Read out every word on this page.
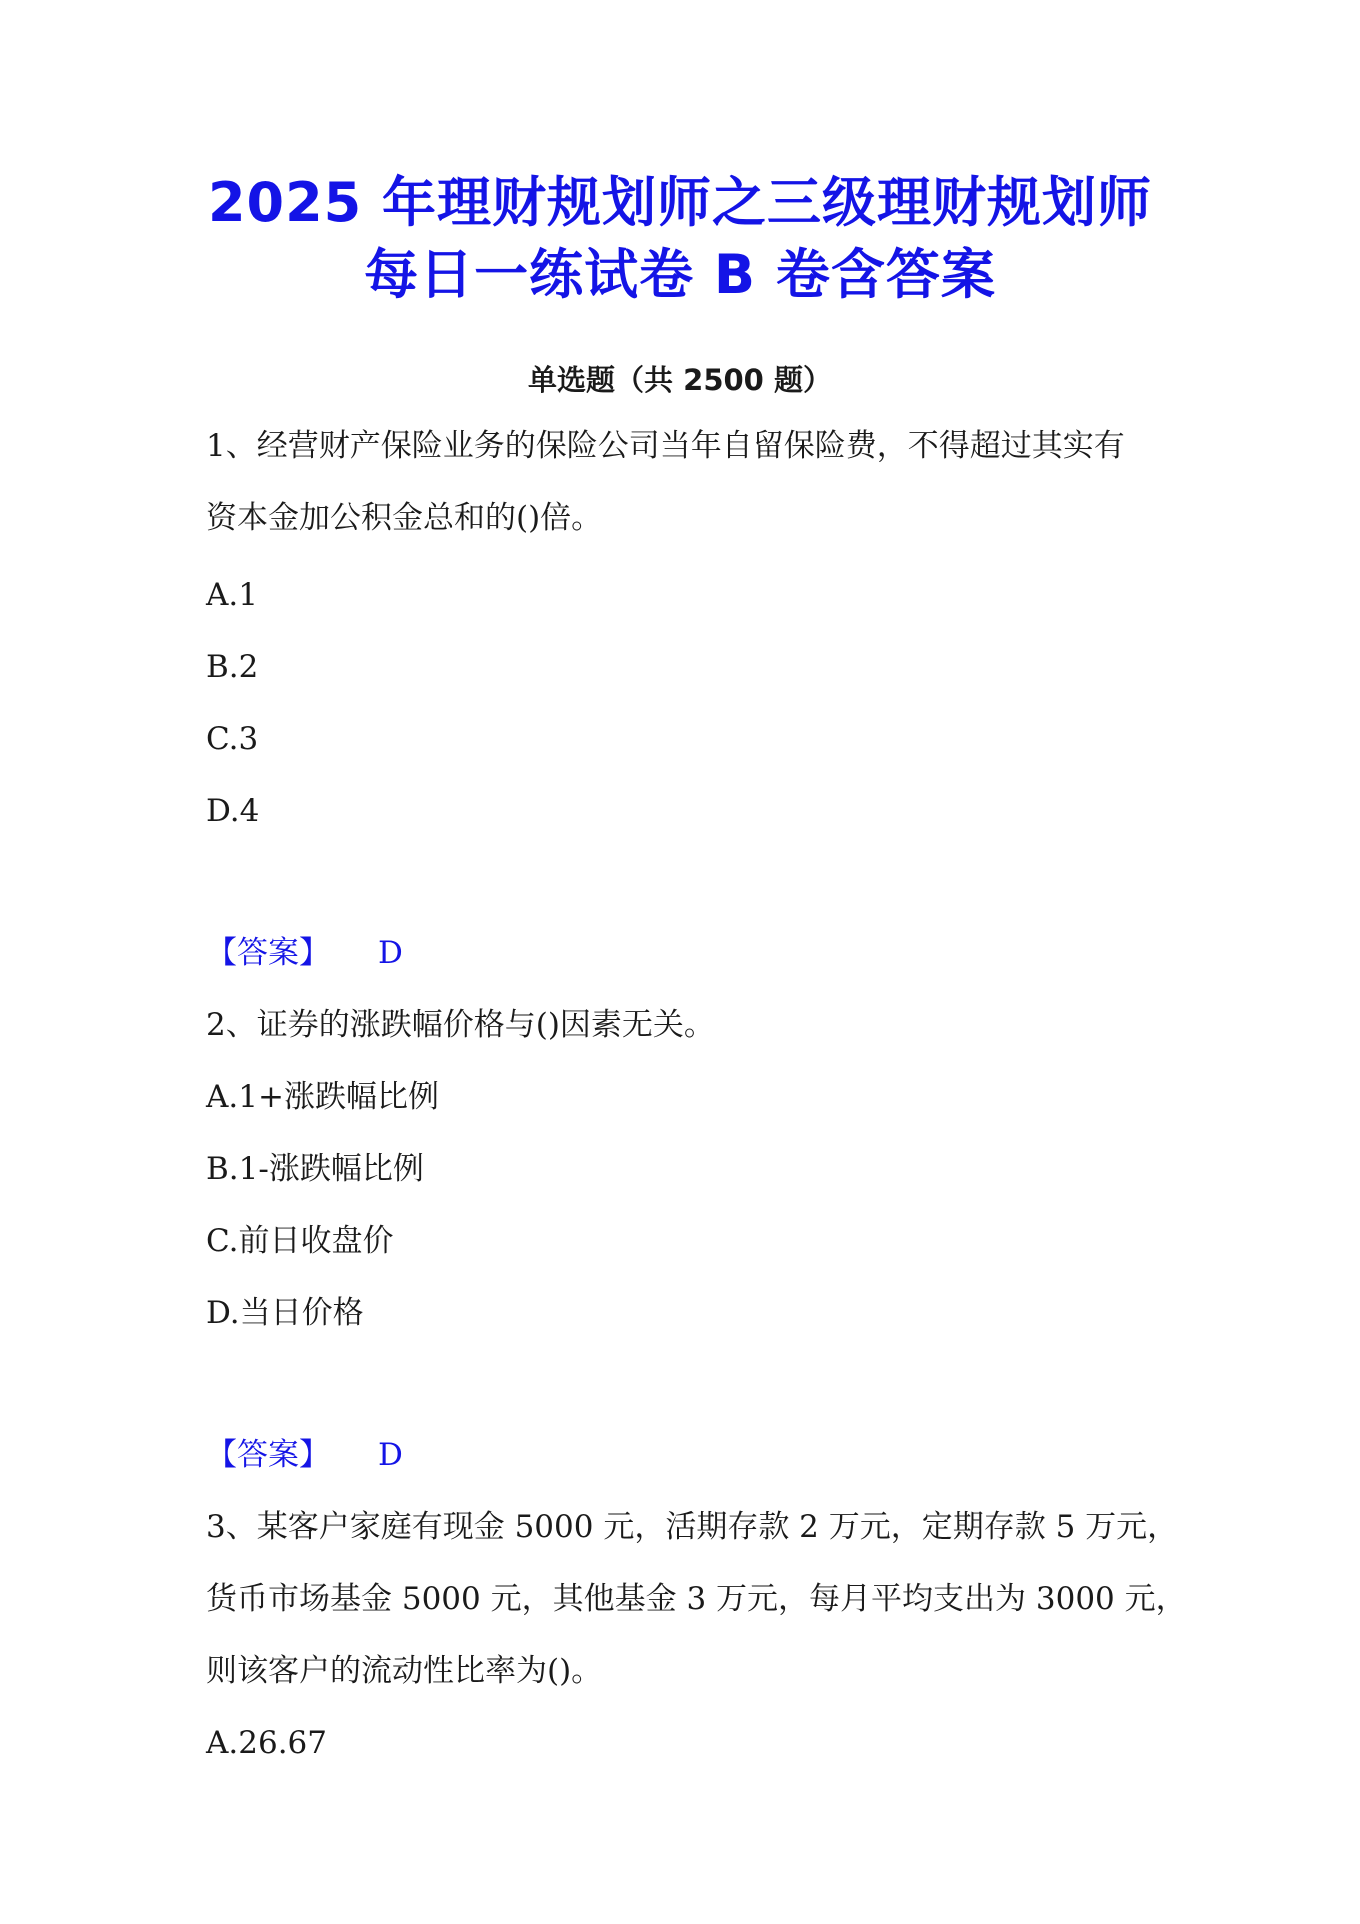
2025 年理财规划师之三级理财规划师
每日一练试卷 B 卷含答案
单选题（共 2500 题）
1、经营财产保险业务的保险公司当年自留保险费，不得超过其实有
资本金加公积金总和的()倍。
A.1
B.2
C.3
D.4
【答案】 D
2、证券的涨跌幅价格与()因素无关。
A.1+涨跌幅比例
B.1-涨跌幅比例
C.前日收盘价
D.当日价格
【答案】 D
3、某客户家庭有现金 5000 元，活期存款 2 万元，定期存款 5 万元，
货币市场基金 5000 元，其他基金 3 万元，每月平均支出为 3000 元，
则该客户的流动性比率为()。
A.26.67
